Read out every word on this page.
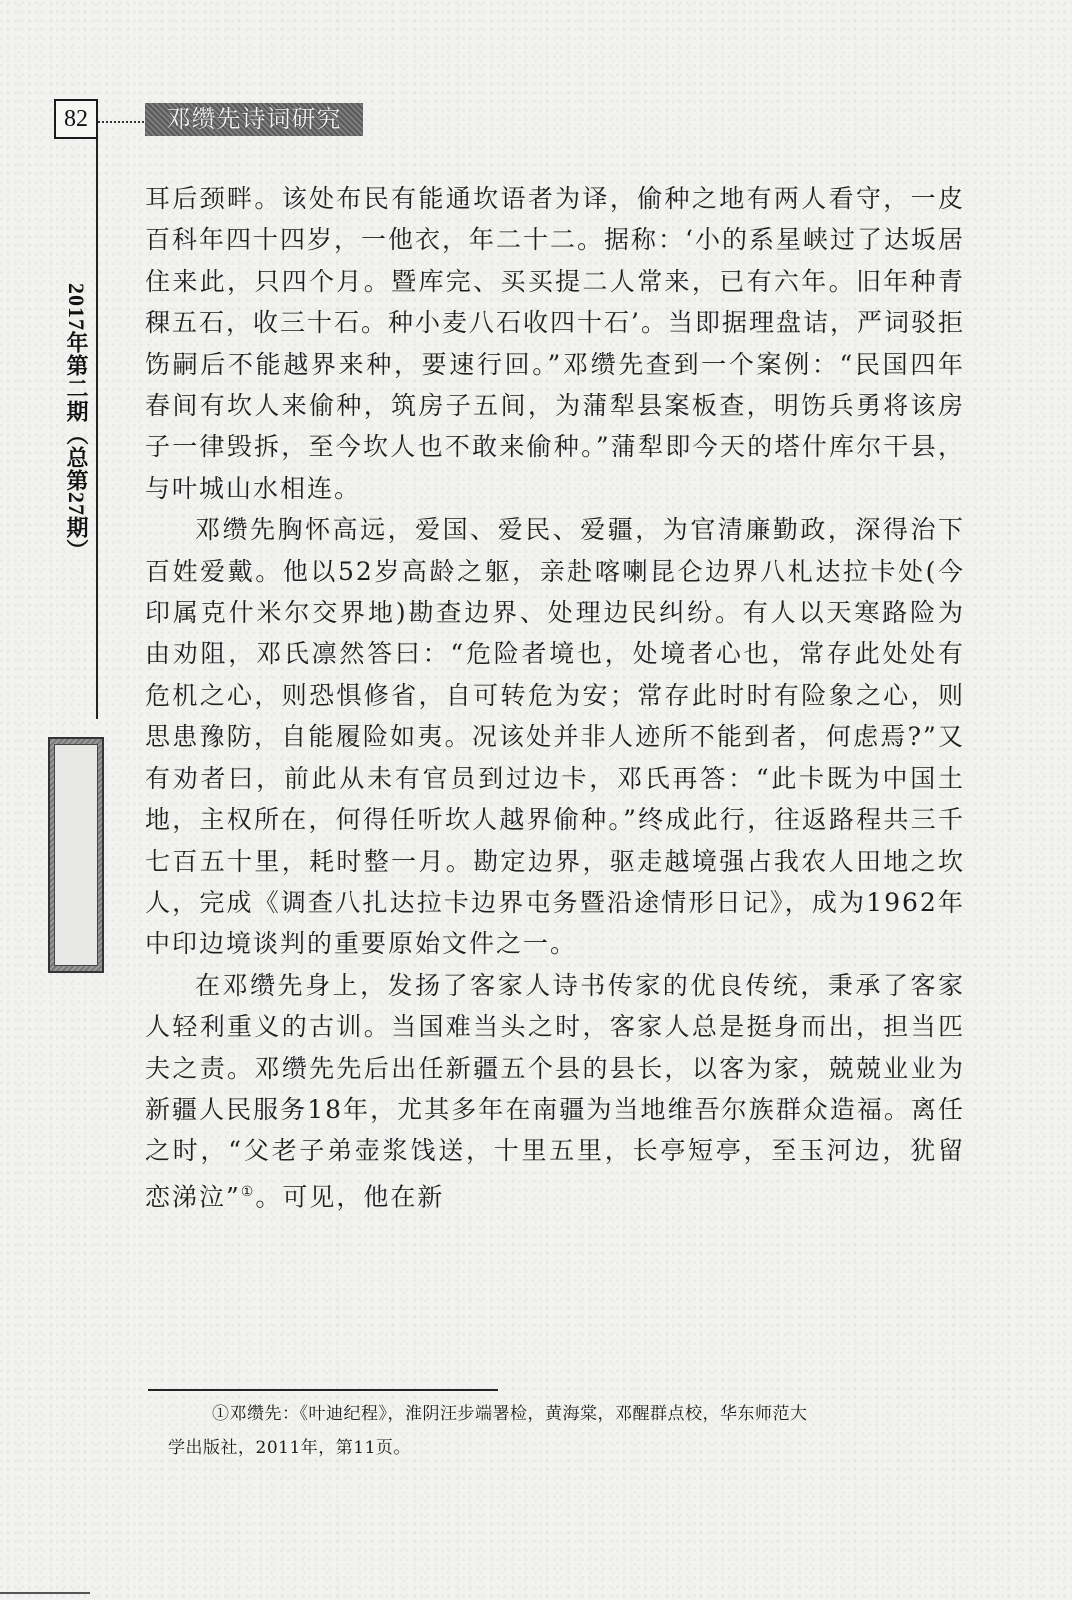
82	邓缵先诗词研究
2017年第二期（总第27期）

耳后颈畔。该处布民有能通坎语者为译，偷种之地有两人看守，一皮百科年四十四岁，一他衣，年二十二。据称：‘小的系星峡过了达坂居住来此，只四个月。暨库完、买买提二人常来，已有六年。旧年种青稞五石，收三十石。种小麦八石收四十石’。当即据理盘诘，严词驳拒饬嗣后不能越界来种，要速行回。”邓缵先查到一个案例：“民国四年春间有坎人来偷种，筑房子五间，为蒲犁县案板查，明饬兵勇将该房子一律毁拆，至今坎人也不敢来偷种。”蒲犁即今天的塔什库尔干县，与叶城山水相连。

邓缵先胸怀高远，爱国、爱民、爱疆，为官清廉勤政，深得治下百姓爱戴。他以52岁高龄之躯，亲赴喀喇昆仑边界八札达拉卡处(今印属克什米尔交界地)勘查边界、处理边民纠纷。有人以天寒路险为由劝阻，邓氏凛然答曰：“危险者境也，处境者心也，常存此处处有危机之心，则恐惧修省，自可转危为安；常存此时时有险象之心，则思患豫防，自能履险如夷。况该处并非人迹所不能到者，何虑焉?”又有劝者曰，前此从未有官员到过边卡，邓氏再答：“此卡既为中国土地，主权所在，何得任听坎人越界偷种。”终成此行，往返路程共三千七百五十里，耗时整一月。勘定边界，驱走越境强占我农人田地之坎人，完成《调查八扎达拉卡边界屯务暨沿途情形日记》，成为1962年中印边境谈判的重要原始文件之一。

在邓缵先身上，发扬了客家人诗书传家的优良传统，秉承了客家人轻利重义的古训。当国难当头之时，客家人总是挺身而出，担当匹夫之责。邓缵先先后出任新疆五个县的县长，以客为家，兢兢业业为新疆人民服务18年，尤其多年在南疆为当地维吾尔族群众造福。离任之时，“父老子弟壶浆饯送，十里五里，长亭短亭，至玉河边，犹留恋涕泣”①。可见，他在新

①邓缵先：《叶迪纪程》，淮阴汪步端署检，黄海棠，邓醒群点校，华东师范大
学出版社，2011年，第11页。
